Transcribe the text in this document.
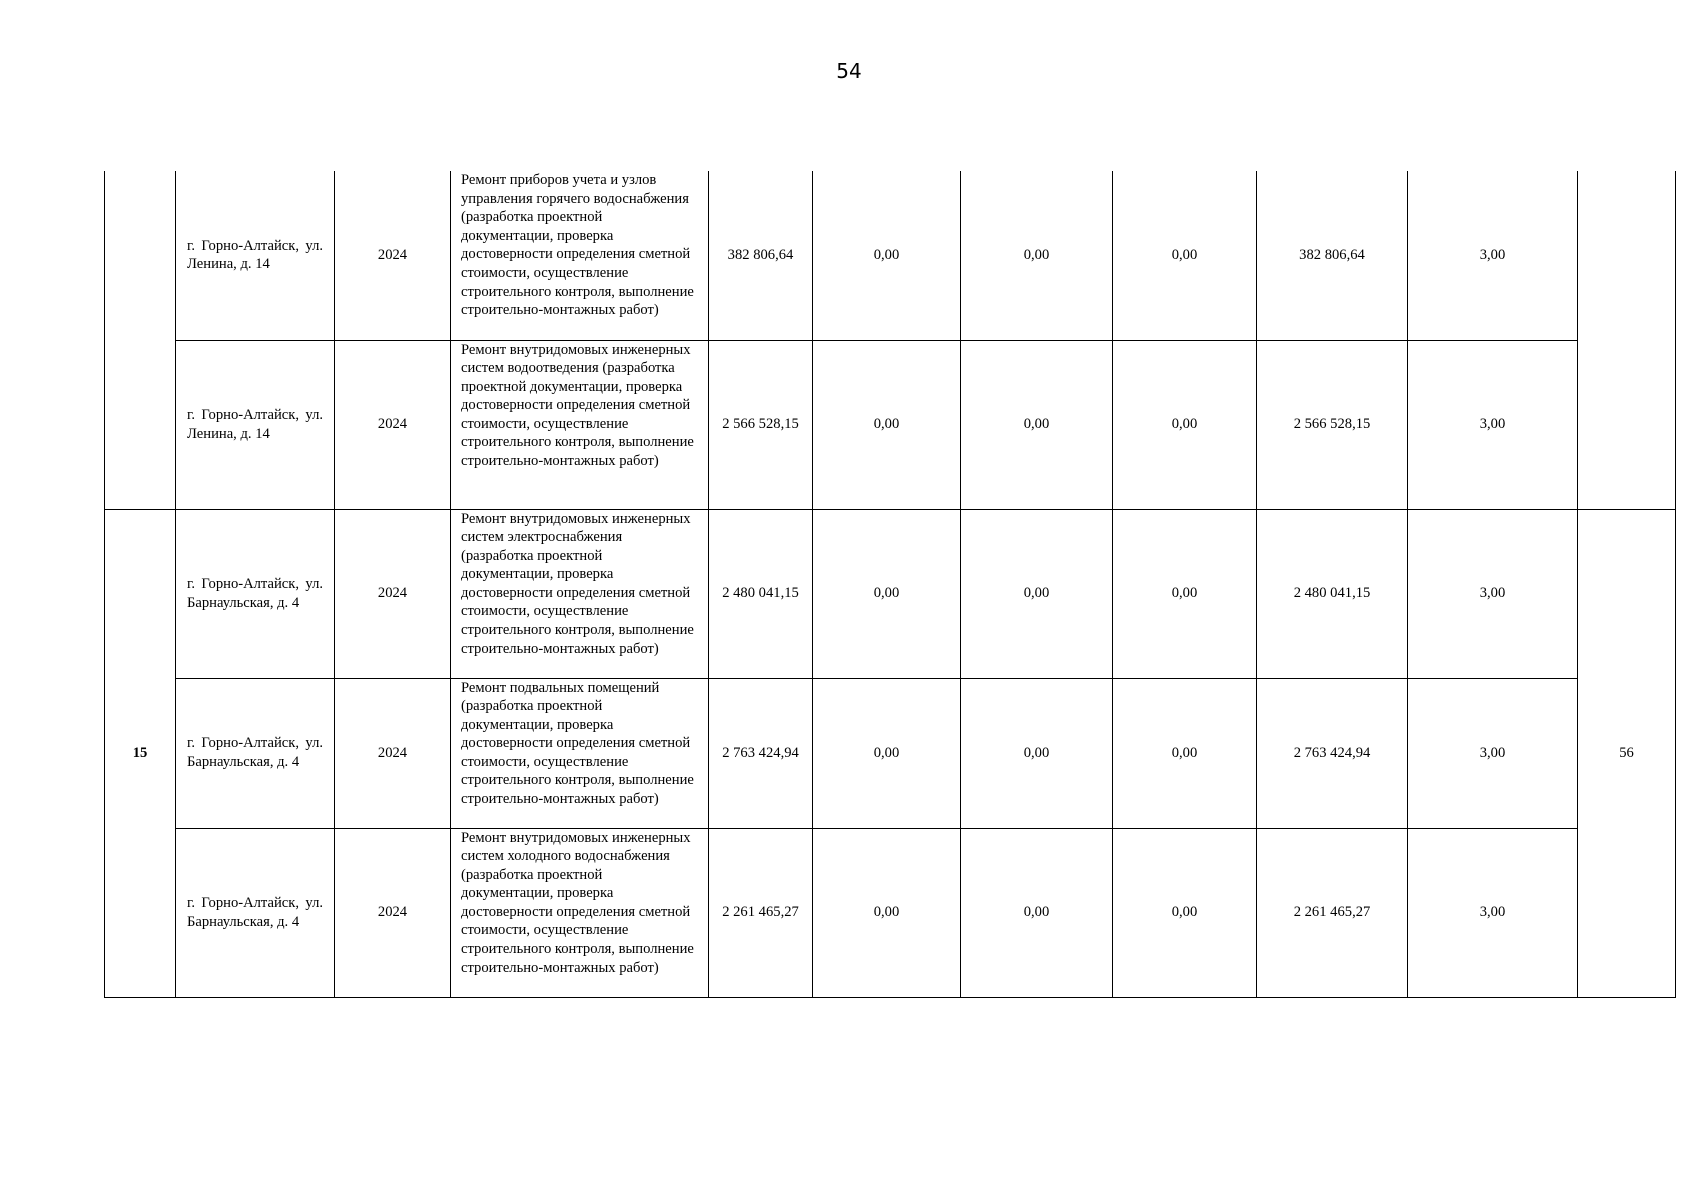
54
	г. Горно-Алтайск, ул. Ленина, д. 14	2024	Ремонт приборов учета и узлов управления горячего водоснабжения (разработка проектной документации, проверка достоверности определения сметной стоимости, осуществление строительного контроля, выполнение строительно-монтажных работ)	382 806,64	0,00	0,00	0,00	382 806,64	3,00	
	г. Горно-Алтайск, ул. Ленина, д. 14	2024	Ремонт внутридомовых инженерных систем водоотведения (разработка проектной документации, проверка достоверности определения сметной стоимости, осуществление строительного контроля, выполнение строительно-монтажных работ)	2 566 528,15	0,00	0,00	0,00	2 566 528,15	3,00	
15	г. Горно-Алтайск, ул. Барнаульская, д. 4	2024	Ремонт внутридомовых инженерных систем электроснабжения (разработка проектной документации, проверка достоверности определения сметной стоимости, осуществление строительного контроля, выполнение строительно-монтажных работ)	2 480 041,15	0,00	0,00	0,00	2 480 041,15	3,00	56
	г. Горно-Алтайск, ул. Барнаульская, д. 4	2024	Ремонт подвальных помещений (разработка проектной документации, проверка достоверности определения сметной стоимости, осуществление строительного контроля, выполнение строительно-монтажных работ)	2 763 424,94	0,00	0,00	0,00	2 763 424,94	3,00	
	г. Горно-Алтайск, ул. Барнаульская, д. 4	2024	Ремонт внутридомовых инженерных систем холодного водоснабжения (разработка проектной документации, проверка достоверности определения сметной стоимости, осуществление строительного контроля, выполнение строительно-монтажных работ)	2 261 465,27	0,00	0,00	0,00	2 261 465,27	3,00	
